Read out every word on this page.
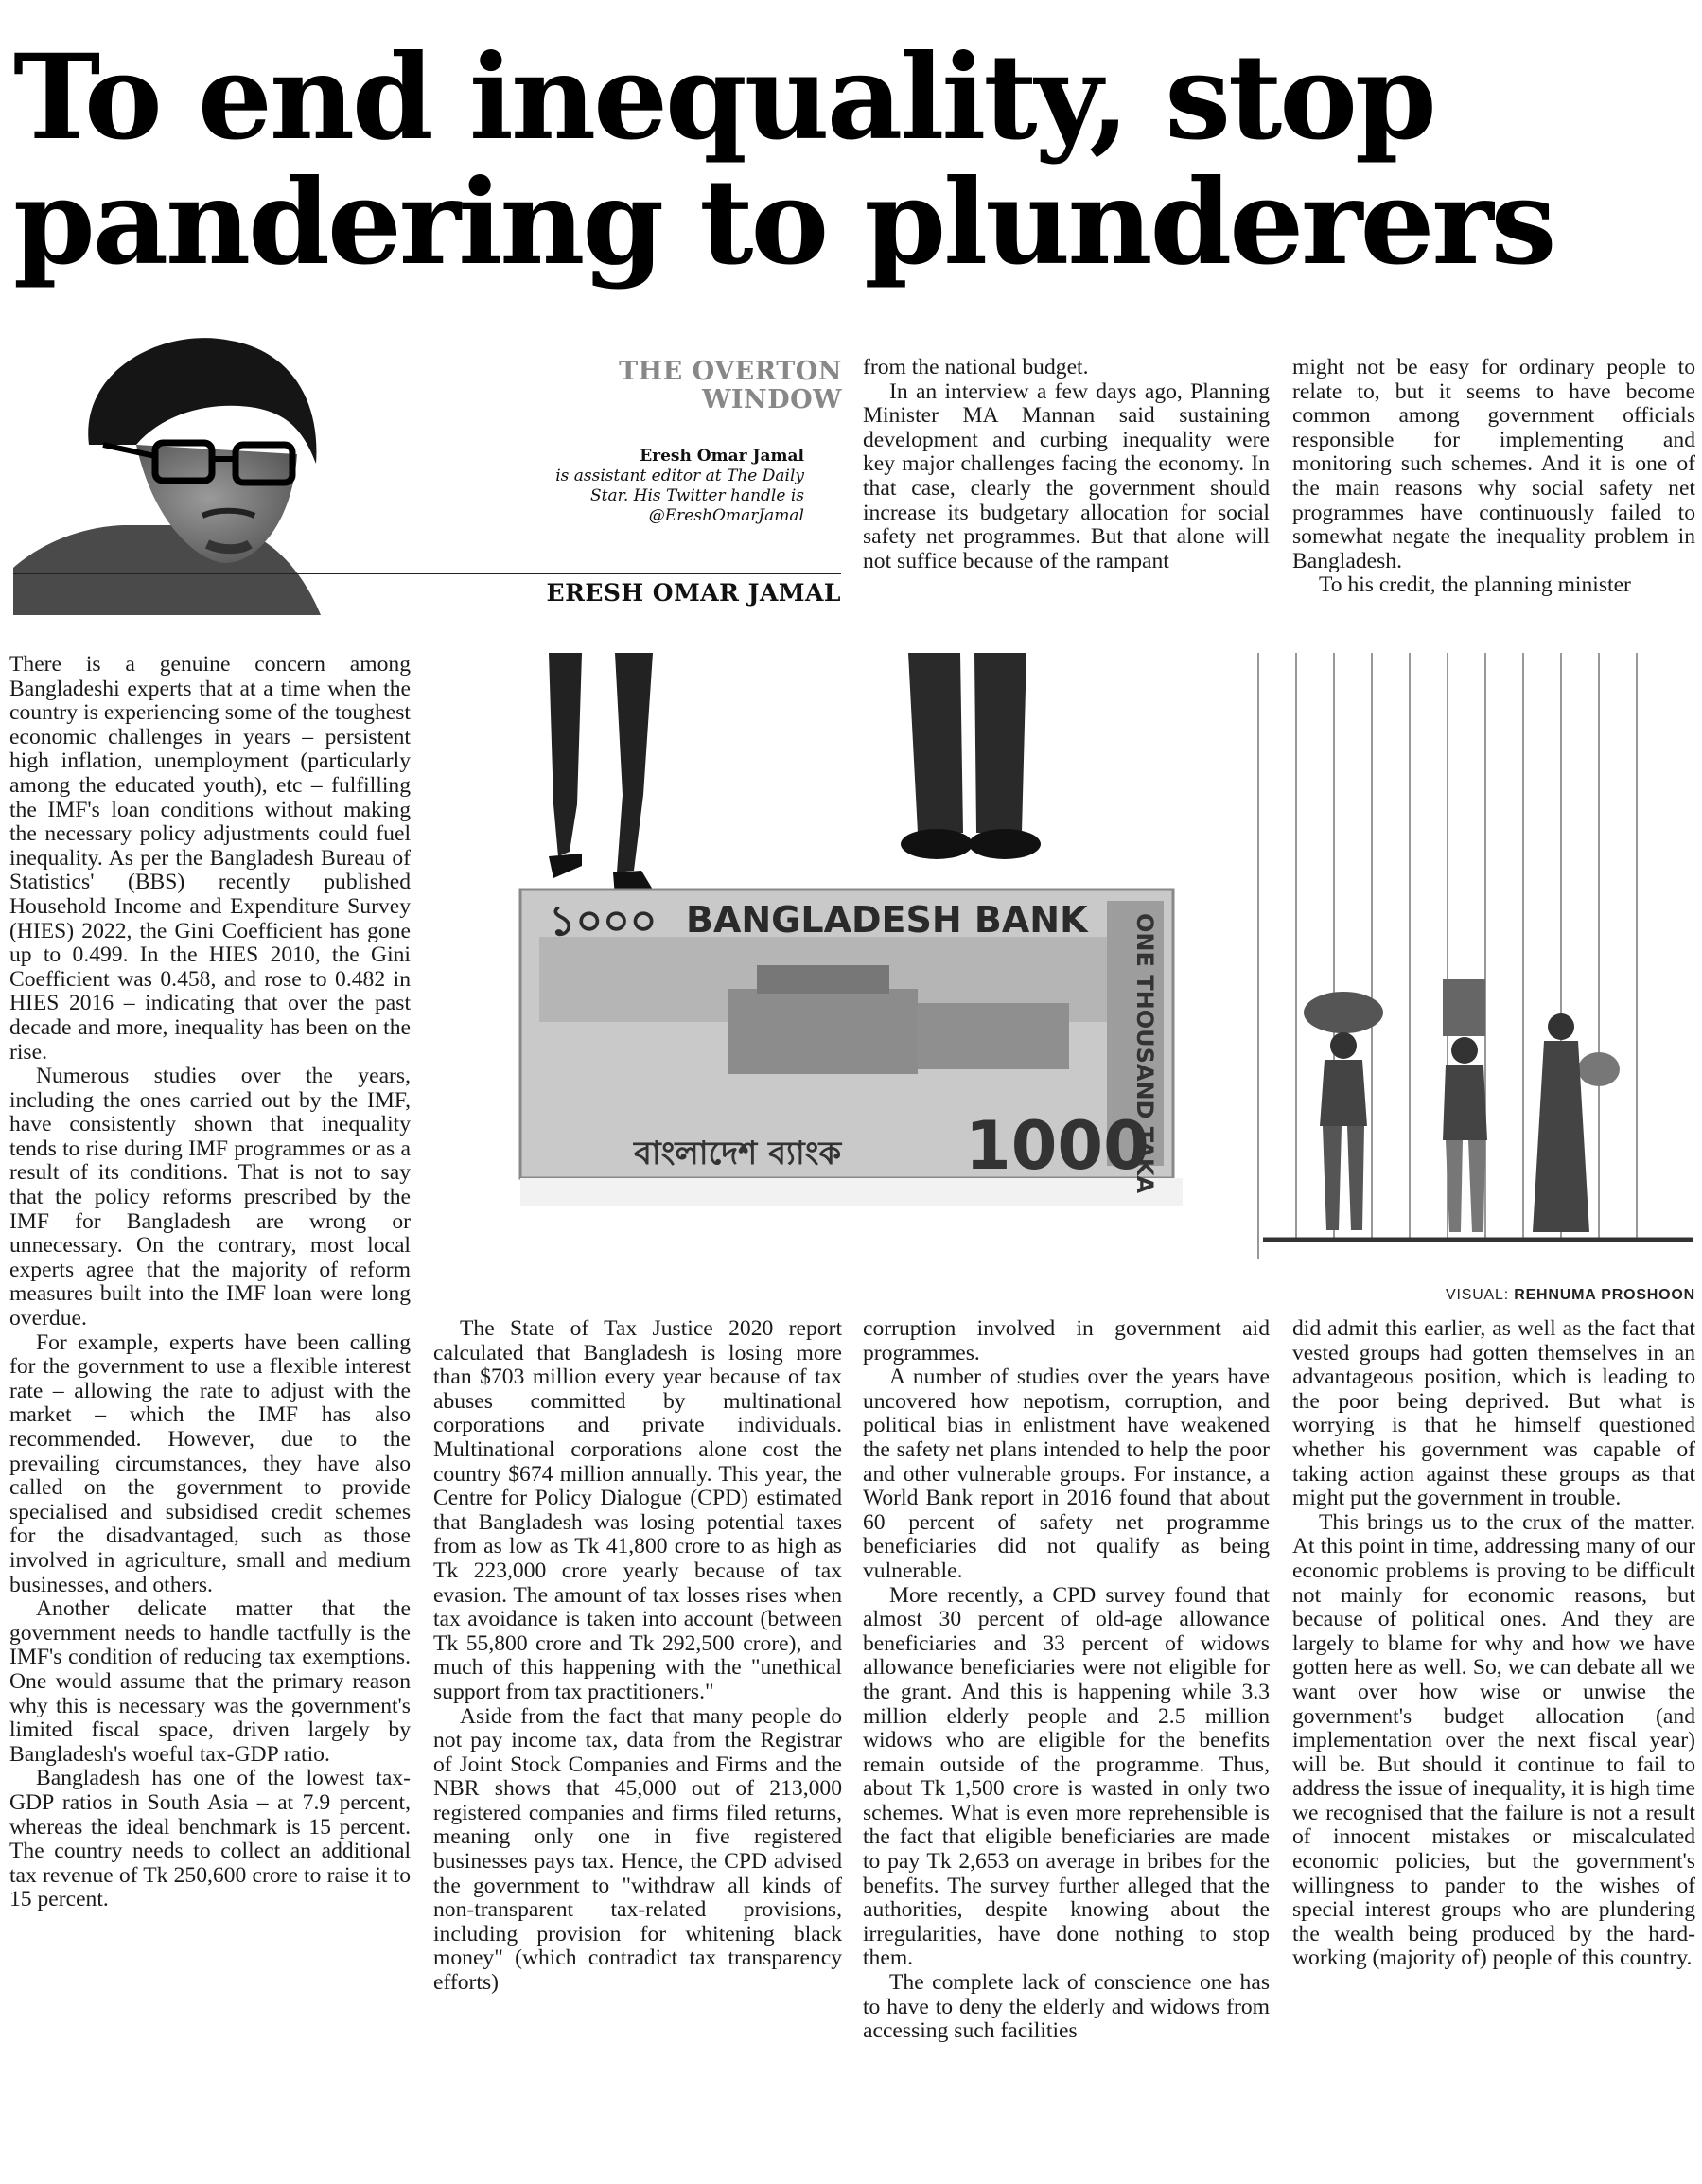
To end inequality, stop pandering to plunderers
THE OVERTON WINDOW
Eresh Omar Jamal
is assistant editor at The Daily Star. His Twitter handle is @EreshOmarJamal
ERESH OMAR JAMAL

from the national budget.

In an interview a few days ago, Planning Minister MA Mannan said sustaining development and curbing inequality were key major challenges facing the economy. In that case, clearly the government should increase its budgetary allocation for social safety net programmes. But that alone will not suffice because of the rampant

might not be easy for ordinary people to relate to, but it seems to have become common among government officials responsible for implementing and monitoring such schemes. And it is one of the main reasons why social safety net programmes have continuously failed to somewhat negate the inequality problem in Bangladesh.

To his credit, the planning minister

There is a genuine concern among Bangladeshi experts that at a time when the country is experiencing some of the toughest economic challenges in years – persistent high inflation, unemployment (particularly among the educated youth), etc – fulfilling the IMF's loan conditions without making the necessary policy adjustments could fuel inequality. As per the Bangladesh Bureau of Statistics' (BBS) recently published Household Income and Expenditure Survey (HIES) 2022, the Gini Coefficient has gone up to 0.499. In the HIES 2010, the Gini Coefficient was 0.458, and rose to 0.482 in HIES 2016 – indicating that over the past decade and more, inequality has been on the rise.

Numerous studies over the years, including the ones carried out by the IMF, have consistently shown that inequality tends to rise during IMF programmes or as a result of its conditions. That is not to say that the policy reforms prescribed by the IMF for Bangladesh are wrong or unnecessary. On the contrary, most local experts agree that the majority of reform measures built into the IMF loan were long overdue.

For example, experts have been calling for the government to use a flexible interest rate – allowing the rate to adjust with the market – which the IMF has also recommended. However, due to the prevailing circumstances, they have also called on the government to provide specialised and subsidised credit schemes for the disadvantaged, such as those involved in agriculture, small and medium businesses, and others.

Another delicate matter that the government needs to handle tactfully is the IMF's condition of reducing tax exemptions. One would assume that the primary reason why this is necessary was the government's limited fiscal space, driven largely by Bangladesh's woeful tax-GDP ratio.

Bangladesh has one of the lowest tax-GDP ratios in South Asia – at 7.9 percent, whereas the ideal benchmark is 15 percent. The country needs to collect an additional tax revenue of Tk 250,600 crore to raise it to 15 percent.

১০০০ BANGLADESH BANK
বাংলাদেশ ব্যাংক 1000
ONE THOUSAND TAKA
VISUAL: REHNUMA PROSHOON

The State of Tax Justice 2020 report calculated that Bangladesh is losing more than $703 million every year because of tax abuses committed by multinational corporations and private individuals. Multinational corporations alone cost the country $674 million annually. This year, the Centre for Policy Dialogue (CPD) estimated that Bangladesh was losing potential taxes from as low as Tk 41,800 crore to as high as Tk 223,000 crore yearly because of tax evasion. The amount of tax losses rises when tax avoidance is taken into account (between Tk 55,800 crore and Tk 292,500 crore), and much of this happening with the "unethical support from tax practitioners."

Aside from the fact that many people do not pay income tax, data from the Registrar of Joint Stock Companies and Firms and the NBR shows that 45,000 out of 213,000 registered companies and firms filed returns, meaning only one in five registered businesses pays tax. Hence, the CPD advised the government to "withdraw all kinds of non-transparent tax-related provisions, including provision for whitening black money" (which contradict tax transparency efforts)

corruption involved in government aid programmes.

A number of studies over the years have uncovered how nepotism, corruption, and political bias in enlistment have weakened the safety net plans intended to help the poor and other vulnerable groups. For instance, a World Bank report in 2016 found that about 60 percent of safety net programme beneficiaries did not qualify as being vulnerable.

More recently, a CPD survey found that almost 30 percent of old-age allowance beneficiaries and 33 percent of widows allowance beneficiaries were not eligible for the grant. And this is happening while 3.3 million elderly people and 2.5 million widows who are eligible for the benefits remain outside of the programme. Thus, about Tk 1,500 crore is wasted in only two schemes. What is even more reprehensible is the fact that eligible beneficiaries are made to pay Tk 2,653 on average in bribes for the benefits. The survey further alleged that the authorities, despite knowing about the irregularities, have done nothing to stop them.

The complete lack of conscience one has to have to deny the elderly and widows from accessing such facilities

did admit this earlier, as well as the fact that vested groups had gotten themselves in an advantageous position, which is leading to the poor being deprived. But what is worrying is that he himself questioned whether his government was capable of taking action against these groups as that might put the government in trouble.

This brings us to the crux of the matter. At this point in time, addressing many of our economic problems is proving to be difficult not mainly for economic reasons, but because of political ones. And they are largely to blame for why and how we have gotten here as well. So, we can debate all we want over how wise or unwise the government's budget allocation (and implementation over the next fiscal year) will be. But should it continue to fail to address the issue of inequality, it is high time we recognised that the failure is not a result of innocent mistakes or miscalculated economic policies, but the government's willingness to pander to the wishes of special interest groups who are plundering the wealth being produced by the hard-working (majority of) people of this country.
